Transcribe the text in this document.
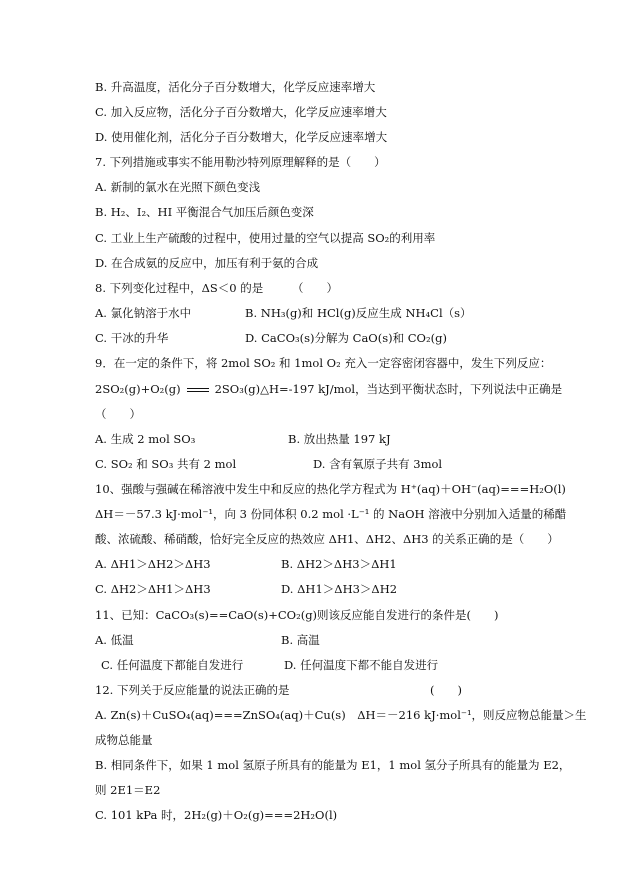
B. 升高温度，活化分子百分数增大，化学反应速率增大
C. 加入反应物，活化分子百分数增大，化学反应速率增大
D. 使用催化剂，活化分子百分数增大，化学反应速率增大
7. 下列措施或事实不能用勒沙特列原理解释的是（　　）
A. 新制的氯水在光照下颜色变浅
B. H₂、I₂、HI 平衡混合气加压后颜色变深
C. 工业上生产硫酸的过程中，使用过量的空气以提高 SO₂的利用率
D. 在合成氨的反应中，加压有利于氨的合成
8. 下列变化过程中，ΔS＜0 的是　　　（　　）
A. 氯化钠溶于水中	B. NH₃(g)和 HCl(g)反应生成 NH₄Cl（s）
C. 干冰的升华	D. CaCO₃(s)分解为 CaO(s)和 CO₂(g)
9．在一定的条件下，将 2mol SO₂ 和 1mol O₂ 充入一定容密闭容器中，发生下列反应：
2SO₂(g)+O₂(g)	2SO₃(g)△H=-197 kJ/mol，当达到平衡状态时，下列说法中正确是
（　　）
A. 生成 2 mol SO₃	B. 放出热量 197 kJ
C. SO₂ 和 SO₃ 共有 2 mol	D. 含有氧原子共有 3mol
10、强酸与强碱在稀溶液中发生中和反应的热化学方程式为 H⁺(aq)＋OH⁻(aq)===H₂O(l)
ΔH＝－57.3 kJ·mol⁻¹，向 3 份同体积 0.2 mol ·L⁻¹ 的 NaOH 溶液中分别加入适量的稀醋
酸、浓硫酸、稀硝酸，恰好完全反应的热效应 ΔH1、ΔH2、ΔH3 的关系正确的是（　　）
A. ΔH1＞ΔH2＞ΔH3	B. ΔH2＞ΔH3＞ΔH1
C. ΔH2＞ΔH1＞ΔH3	D. ΔH1＞ΔH3＞ΔH2
11、已知：CaCO₃(s)==CaO(s)+CO₂(g)则该反应能自发进行的条件是(　　)
A. 低温	B. 高温
C. 任何温度下都能自发进行	D. 任何温度下都不能自发进行
12. 下列关于反应能量的说法正确的是	(　　)
A. Zn(s)＋CuSO₄(aq)===ZnSO₄(aq)＋Cu(s)　ΔH＝－216 kJ·mol⁻¹，则反应物总能量＞生
成物总能量
B. 相同条件下，如果 1 mol 氢原子所具有的能量为 E1，1 mol 氢分子所具有的能量为 E2，
则 2E1＝E2
C. 101 kPa 时，2H₂(g)＋O₂(g)===2H₂O(l)
